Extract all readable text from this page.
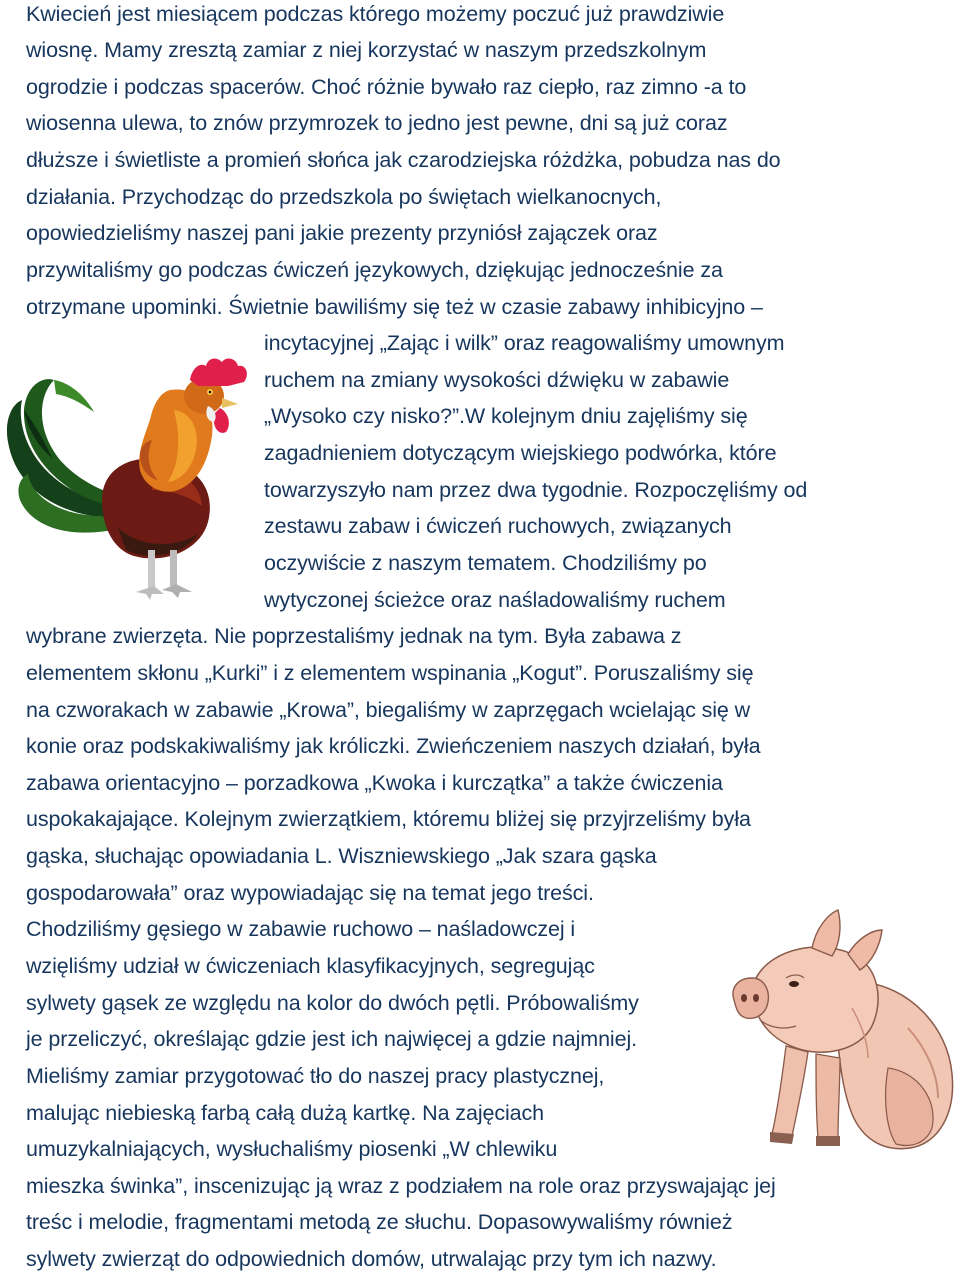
Kwiecień jest miesiącem podczas którego możemy poczuć już prawdziwie
wiosnę. Mamy zresztą zamiar z niej korzystać w naszym przedszkolnym
ogrodzie i podczas spacerów. Choć różnie bywało raz ciepło, raz zimno -a to
wiosenna ulewa, to znów przymrozek to jedno jest pewne, dni są już coraz
dłuższe i świetliste a promień słońca jak czarodziejska różdżka, pobudza nas do
działania. Przychodząc do przedszkola po świętach wielkanocnych,
opowiedzieliśmy naszej pani jakie prezenty przyniósł zajączek oraz
przywitaliśmy go podczas ćwiczeń językowych, dziękując jednocześnie za
otrzymane upominki. Świetnie bawiliśmy się też w czasie zabawy inhibicyjno –
incytacyjnej „Zając i wilk” oraz reagowaliśmy umownym
ruchem na zmiany wysokości dźwięku w zabawie
„Wysoko czy nisko?”.W kolejnym dniu zajęliśmy się
zagadnieniem dotyczącym wiejskiego podwórka, które
towarzyszyło nam przez dwa tygodnie. Rozpoczęliśmy od
zestawu zabaw i ćwiczeń ruchowych, związanych
oczywiście z naszym tematem. Chodziliśmy po
wytyczonej ścieżce oraz naśladowaliśmy ruchem
wybrane zwierzęta. Nie poprzestaliśmy jednak na tym. Była zabawa z
elementem skłonu „Kurki” i z elementem wspinania „Kogut”. Poruszaliśmy się
na czworakach w zabawie „Krowa”, biegaliśmy w zaprzęgach wcielając się w
konie oraz podskakiwaliśmy jak króliczki. Zwieńczeniem naszych działań, była
zabawa orientacyjno – porzadkowa „Kwoka i kurczątka” a także ćwiczenia
uspokakajające. Kolejnym zwierzątkiem, któremu bliżej się przyjrzeliśmy była
gąska, słuchając opowiadania L. Wiszniewskiego „Jak szara gąska
gospodarowała” oraz wypowiadając się na temat jego treści.
Chodziliśmy gęsiego w zabawie ruchowo – naśladowczej i
wzięliśmy udział w ćwiczeniach klasyfikacyjnych, segregując
sylwety gąsek ze względu na kolor do dwóch pętli. Próbowaliśmy
je przeliczyć, określając gdzie jest ich najwięcej a gdzie najmniej.
Mieliśmy zamiar przygotować tło do naszej pracy plastycznej,
malując niebieską farbą całą dużą kartkę. Na zajęciach
umuzykalniających, wysłuchaliśmy piosenki „W chlewiku
mieszka świnka”, inscenizując ją wraz z podziałem na role oraz przyswajając jej
treśc i melodie, fragmentami metodą ze słuchu. Dopasowywaliśmy również
sylwety zwierząt do odpowiednich domów, utrwalając przy tym ich nazwy.
